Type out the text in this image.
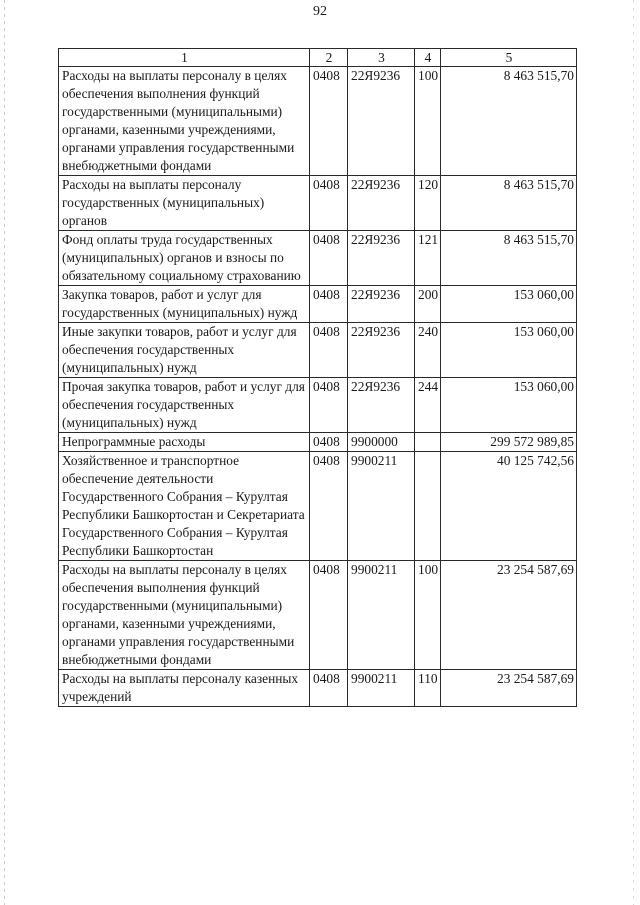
92
1	2	3	4	5
Расходы на выплаты персоналу в целях обеспечения выполнения функций государственными (муниципальными) органами, казенными учреждениями, органами управления государственными внебюджетными фондами	0408	22Я9236	100	8 463 515,70
Расходы на выплаты персоналу государственных (муниципальных) органов	0408	22Я9236	120	8 463 515,70
Фонд оплаты труда государственных (муниципальных) органов и взносы по обязательному социальному страхованию	0408	22Я9236	121	8 463 515,70
Закупка товаров, работ и услуг для государственных (муниципальных) нужд	0408	22Я9236	200	153 060,00
Иные закупки товаров, работ и услуг для обеспечения государственных (муниципальных) нужд	0408	22Я9236	240	153 060,00
Прочая закупка товаров, работ и услуг для обеспечения государственных (муниципальных) нужд	0408	22Я9236	244	153 060,00
Непрограммные расходы	0408	9900000		299 572 989,85
Хозяйственное и транспортное обеспечение деятельности Государственного Собрания – Курултая Республики Башкортостан и Секретариата Государственного Собрания – Курултая Республики Башкортостан	0408	9900211		40 125 742,56
Расходы на выплаты персоналу в целях обеспечения выполнения функций государственными (муниципальными) органами, казенными учреждениями, органами управления государственными внебюджетными фондами	0408	9900211	100	23 254 587,69
Расходы на выплаты персоналу казенных учреждений	0408	9900211	110	23 254 587,69
